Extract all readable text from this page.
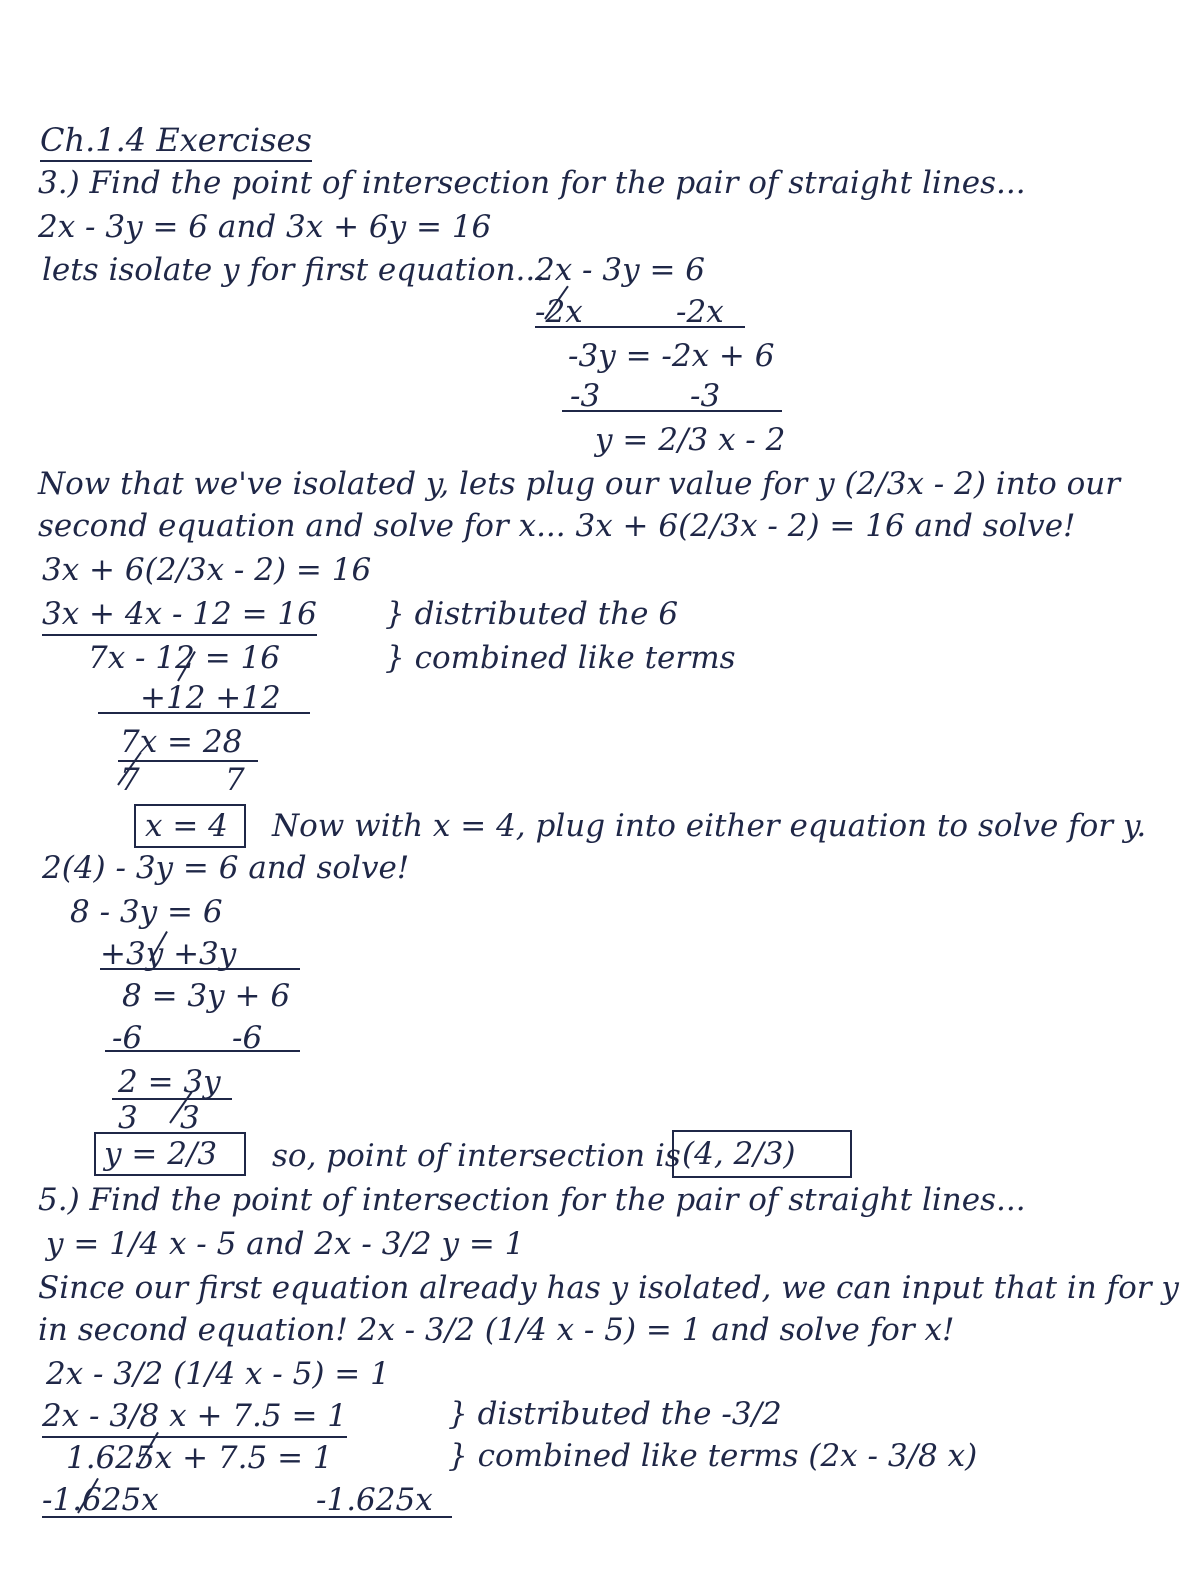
Ch.1.4 Exercises
3.) Find the point of intersection for the pair of straight lines...
2x - 3y = 6 and 3x + 6y = 16
lets isolate y for first equation...
2x - 3y = 6
-2x	-2x
-3y = -2x + 6
-3	-3
y = 2/3 x - 2
Now that we've isolated y, lets plug our value for y (2/3x - 2) into our
second equation and solve for x... 3x + 6(2/3x - 2) = 16 and solve!
3x + 6(2/3x - 2) = 16
3x + 4x - 12 = 16 } distributed the 6
7x - 12 = 16	} combined like terms
+12 +12
7x = 28
7	7
x = 4 Now with x = 4, plug into either equation to solve for y.
2(4) - 3y = 6 and solve!
8 - 3y = 6
+3y +3y
8 = 3y + 6
-6	-6
2 = 3y
3 3
y = 2/3 so, point of intersection is (4, 2/3)
5.) Find the point of intersection for the pair of straight lines...
y = 1/4 x - 5 and 2x - 3/2 y = 1
Since our first equation already has y isolated, we can input that in for y
in second equation! 2x - 3/2 (1/4 x - 5) = 1 and solve for x!
2x - 3/2 (1/4 x - 5) = 1
2x - 3/8 x + 7.5 = 1	} distributed the -3/2
1.625x + 7.5 = 1	} combined like terms (2x - 3/8 x)
-1.625x	-1.625x
